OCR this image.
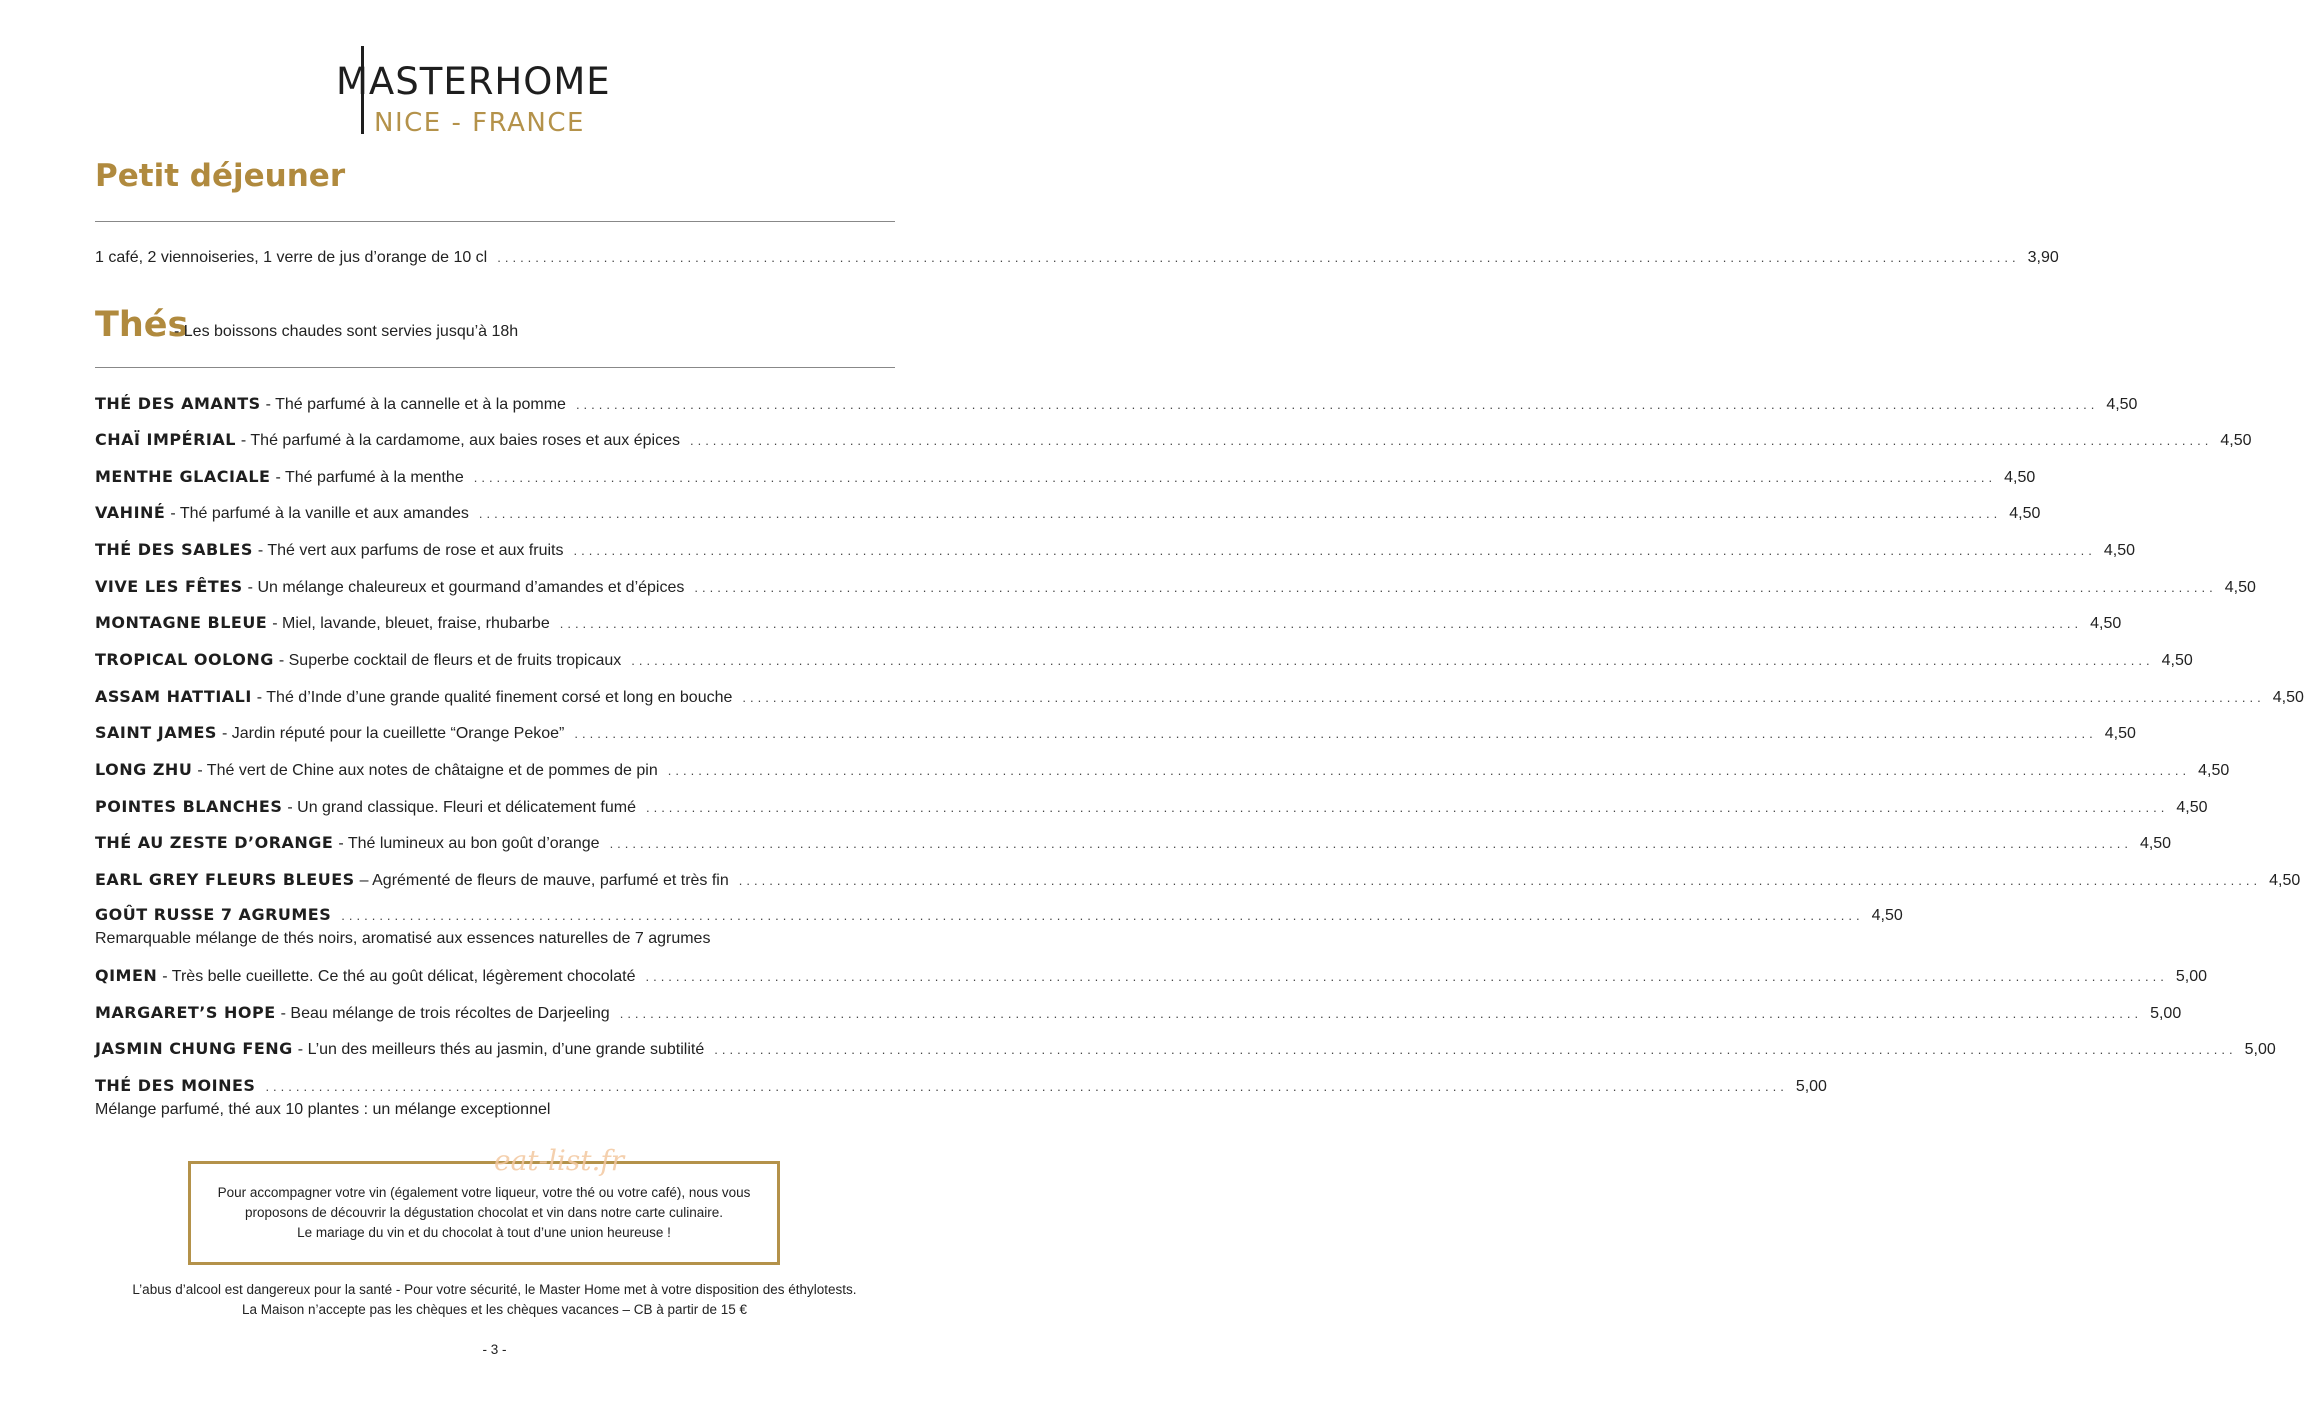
MASTERHOME
NICE - FRANCE
Petit déjeuner
1 café, 2 viennoiseries, 1 verre de jus d’orange de 10 cl ........................................................................................................................................................................................................ 3,90
Thés
- Les boissons chaudes sont servies jusqu’à 18h
THÉ DES AMANTS - Thé parfumé à la cannelle et à la pomme ........................................................................................................................................................................................................ 4,50
CHAÏ IMPÉRIAL - Thé parfumé à la cardamome, aux baies roses et aux épices ........................................................................................................................................................................................................ 4,50
MENTHE GLACIALE - Thé parfumé à la menthe ........................................................................................................................................................................................................ 4,50
VAHINÉ - Thé parfumé à la vanille et aux amandes ........................................................................................................................................................................................................ 4,50
THÉ DES SABLES - Thé vert aux parfums de rose et aux fruits ........................................................................................................................................................................................................ 4,50
VIVE LES FÊTES - Un mélange chaleureux et gourmand d’amandes et d’épices ........................................................................................................................................................................................................ 4,50
MONTAGNE BLEUE - Miel, lavande, bleuet, fraise, rhubarbe ........................................................................................................................................................................................................ 4,50
TROPICAL OOLONG - Superbe cocktail de fleurs et de fruits tropicaux ........................................................................................................................................................................................................ 4,50
ASSAM HATTIALI - Thé d’Inde d’une grande qualité finement corsé et long en bouche ........................................................................................................................................................................................................ 4,50
SAINT JAMES - Jardin réputé pour la cueillette “Orange Pekoe” ........................................................................................................................................................................................................ 4,50
LONG ZHU - Thé vert de Chine aux notes de châtaigne et de pommes de pin ........................................................................................................................................................................................................ 4,50
POINTES BLANCHES - Un grand classique. Fleuri et délicatement fumé ........................................................................................................................................................................................................ 4,50
THÉ AU ZESTE D’ORANGE - Thé lumineux au bon goût d’orange ........................................................................................................................................................................................................ 4,50
EARL GREY FLEURS BLEUES – Agrémenté de fleurs de mauve, parfumé et très fin ........................................................................................................................................................................................................ 4,50
GOÛT RUSSE 7 AGRUMES ........................................................................................................................................................................................................ 4,50
Remarquable mélange de thés noirs, aromatisé aux essences naturelles de 7 agrumes
QIMEN - Très belle cueillette. Ce thé au goût délicat, légèrement chocolaté ........................................................................................................................................................................................................ 5,00
MARGARET’S HOPE - Beau mélange de trois récoltes de Darjeeling ........................................................................................................................................................................................................ 5,00
JASMIN CHUNG FENG - L’un des meilleurs thés au jasmin, d’une grande subtilité ........................................................................................................................................................................................................ 5,00
THÉ DES MOINES ........................................................................................................................................................................................................ 5,00
Mélange parfumé, thé aux 10 plantes : un mélange exceptionnel
Pour accompagner votre vin (également votre liqueur, votre thé ou votre café), nous vous
proposons de découvrir la dégustation chocolat et vin dans notre carte culinaire.
Le mariage du vin et du chocolat à tout d’une union heureuse !
eat-list.fr
L’abus d’alcool est dangereux pour la santé - Pour votre sécurité, le Master Home met à votre disposition des éthylotests.
La Maison n’accepte pas les chèques et les chèques vacances – CB à partir de 15 €
- 3 -
